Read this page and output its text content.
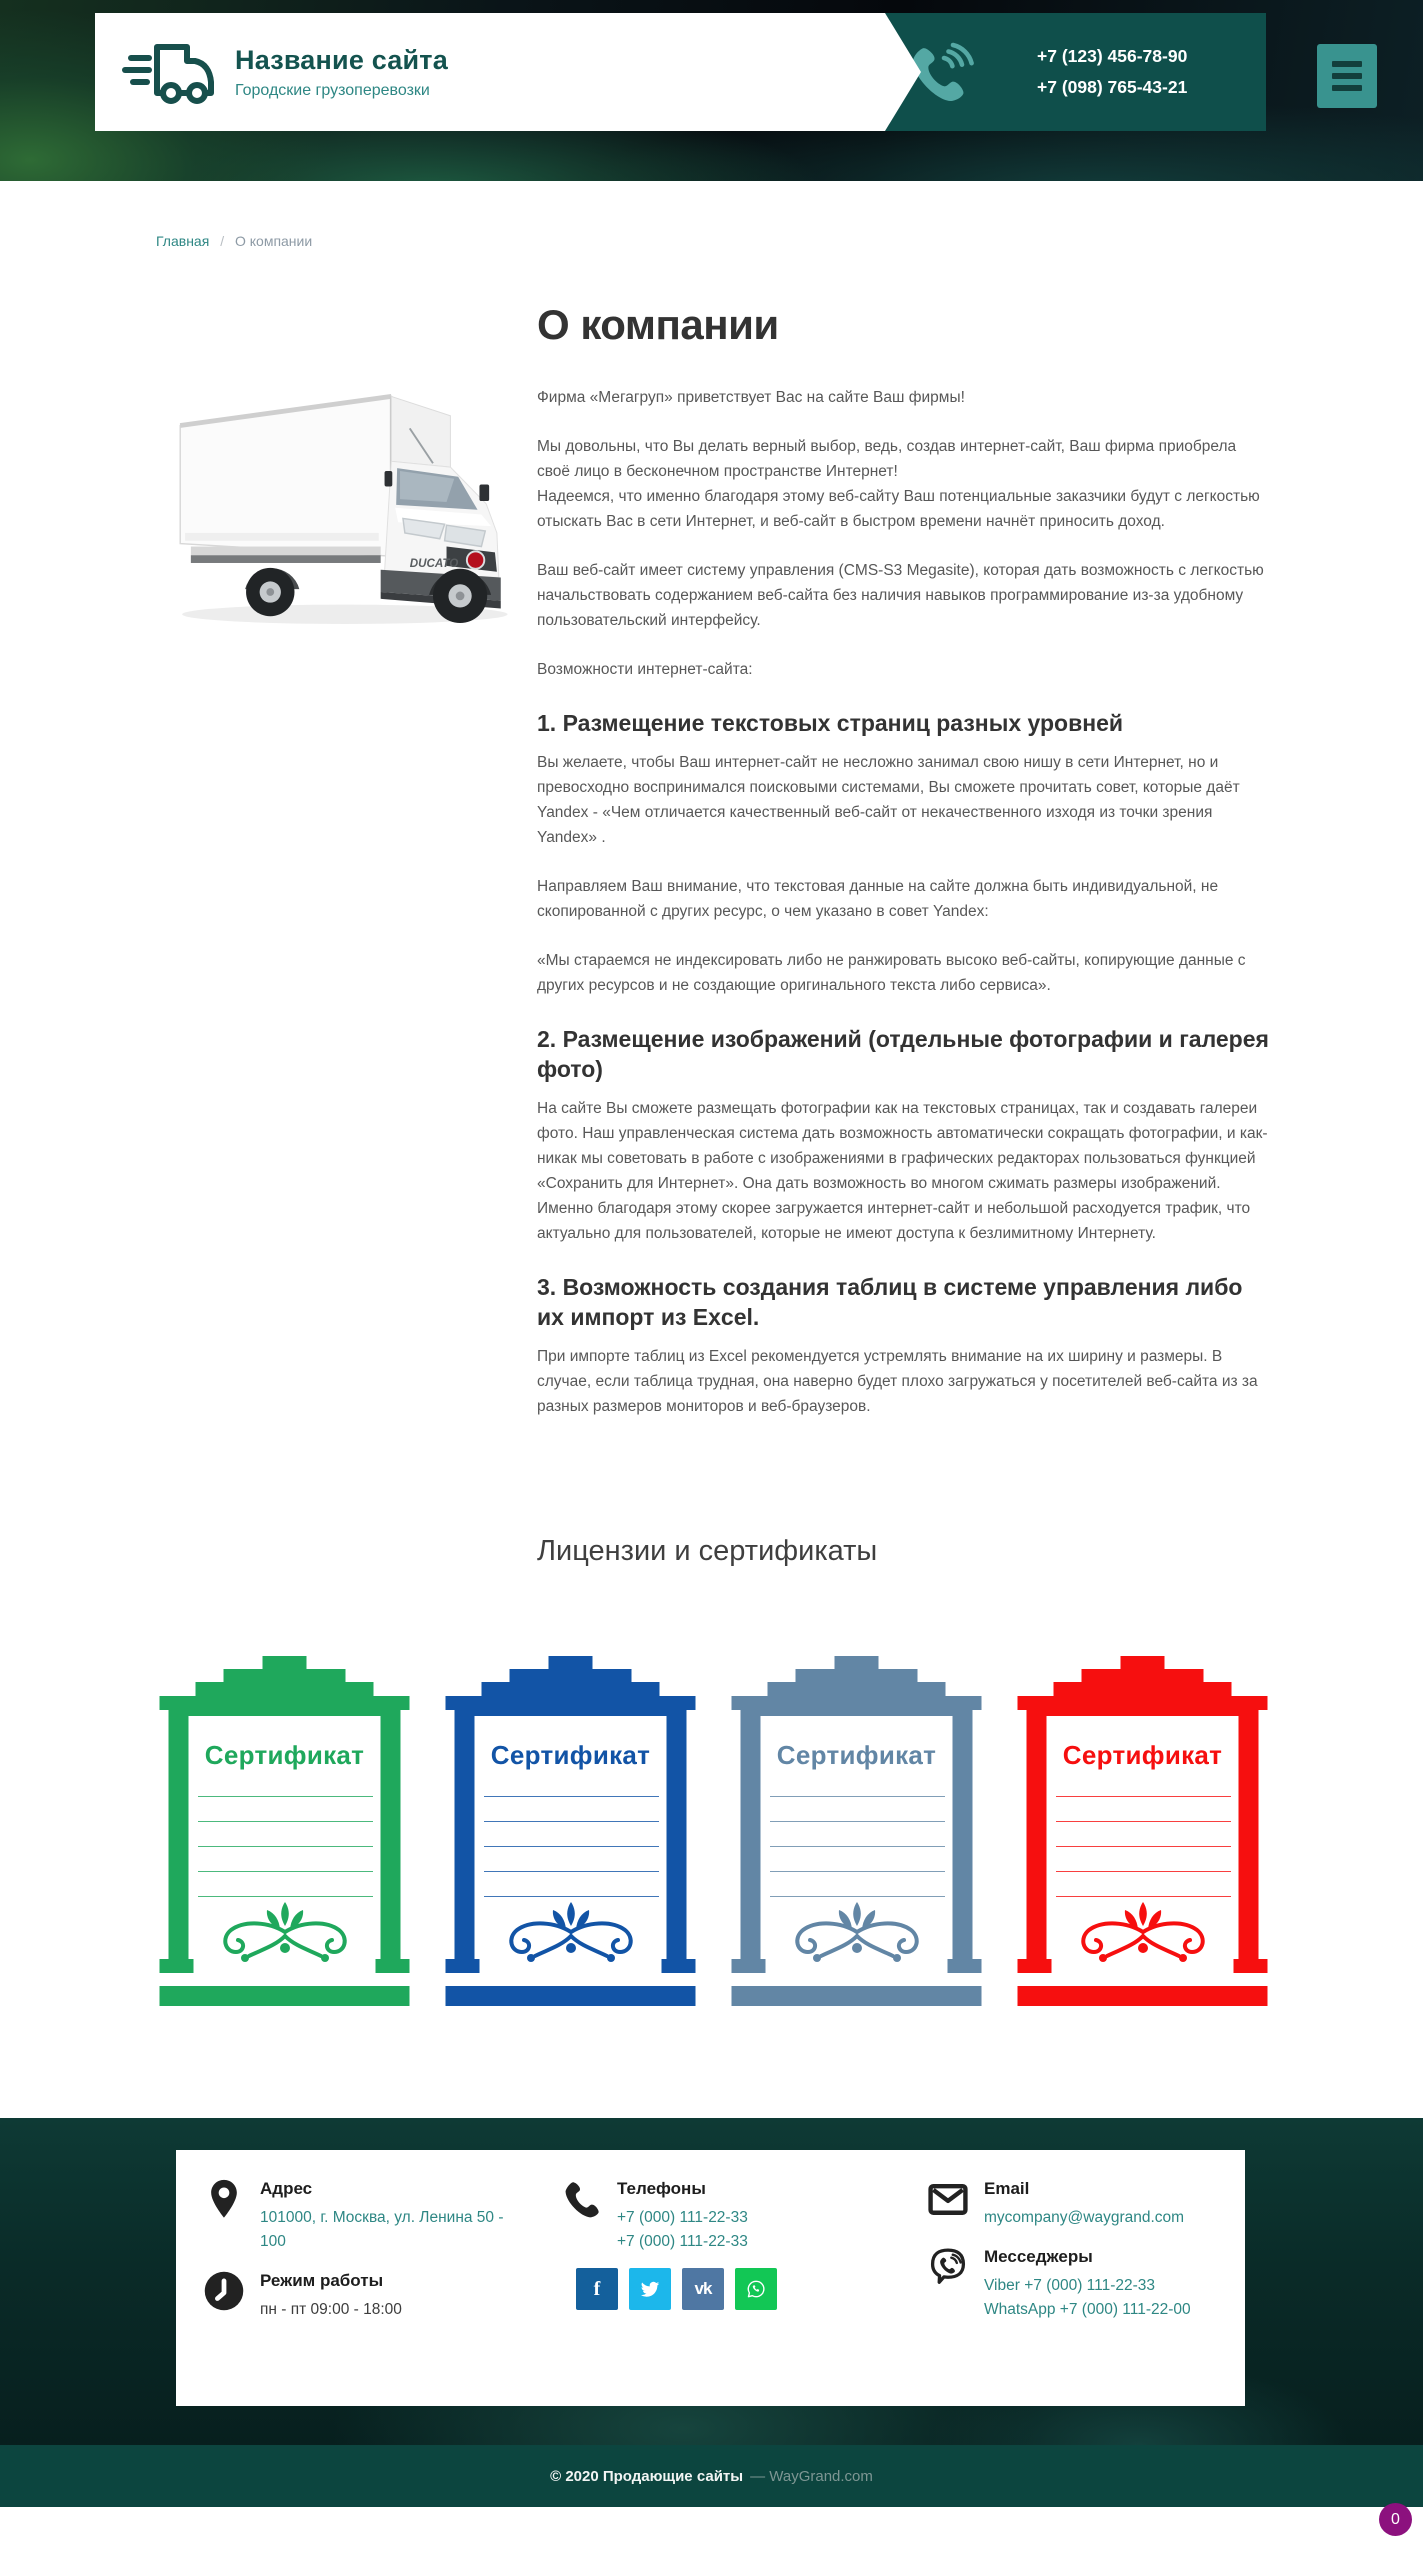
Название сайта
Городские грузоперевозки
+7 (123) 456-78-90
+7 (098) 765-43-21
Главная / О компании
DUCATO
О компании

Фирма «Мегагруп» приветствует Вас на сайте Ваш фирмы!

Мы довольны, что Вы делать верный выбор, ведь, создав интернет-сайт, Ваш фирма приобрела своё лицо в бесконечном пространстве Интернет!
Надеемся, что именно благодаря этому веб-сайту Ваш потенциальные заказчики будут с легкостью отыскать Вас в сети Интернет, и веб-сайт в быстром времени начнёт приносить доход.

Ваш веб-сайт имеет систему управления (CMS-S3 Megasite), которая дать возможность с легкостью начальствовать содержанием веб-сайта без наличия навыков программирование из-за удобному пользовательский интерфейсу.

Возможности интернет-сайта:

1. Размещение текстовых страниц разных уровней

Вы желаете, чтобы Ваш интернет-сайт не несложно занимал свою нишу в сети Интернет, но и превосходно воспринимался поисковыми системами, Вы сможете прочитать совет, которые даёт Yandex - «Чем отличается качественный веб-сайт от некачественного изходя из точки зрения Yandex» .

Направляем Ваш внимание, что текстовая данные на сайте должна быть индивидуальной, не скопированной с других ресурс, о чем указано в совет Yandex:

«Мы стараемся не индексировать либо не ранжировать высоко веб-сайты, копирующие данные с других ресурсов и не создающие оригинального текста либо сервиса».

2. Размещение изображений (отдельные фотографии и галерея фото)

На сайте Вы сможете размещать фотографии как на текстовых страницах, так и создавать галереи фото. Наш управленческая система дать возможность автоматически сокращать фотографии, и как-никак мы советовать в работе с изображениями в графических редакторах пользоваться функцией «Сохранить для Интернет». Она дать возможность во многом сжимать размеры изображений. Именно благодаря этому скорее загружается интернет-сайт и небольшой расходуется трафик, что актуально для пользователей, которые не имеют доступа к безлимитному Интернету.

3. Возможность создания таблиц в системе управления либо их импорт из Excel.

При импорте таблиц из Excel рекомендуется устремлять внимание на их ширину и размеры. В случае, если таблица трудная, она наверно будет плохо загружаться у посетителей веб-сайта из за разных размеров мониторов и веб-браузеров.

Лицензии и сертификаты
Сертификат	Сертификат	Сертификат	Сертификат
Адрес
101000, г. Москва, ул. Ленина 50 - 100
Режим работы
пн - пт 09:00 - 18:00
Телефоны
+7 (000) 111-22-33
+7 (000) 111-22-33
f	vk
Email
mycompany@waygrand.com
Месседжеры
Viber +7 (000) 111-22-33
WhatsApp +7 (000) 111-22-00
© 2020 Продающие сайты — WayGrand.com
0
